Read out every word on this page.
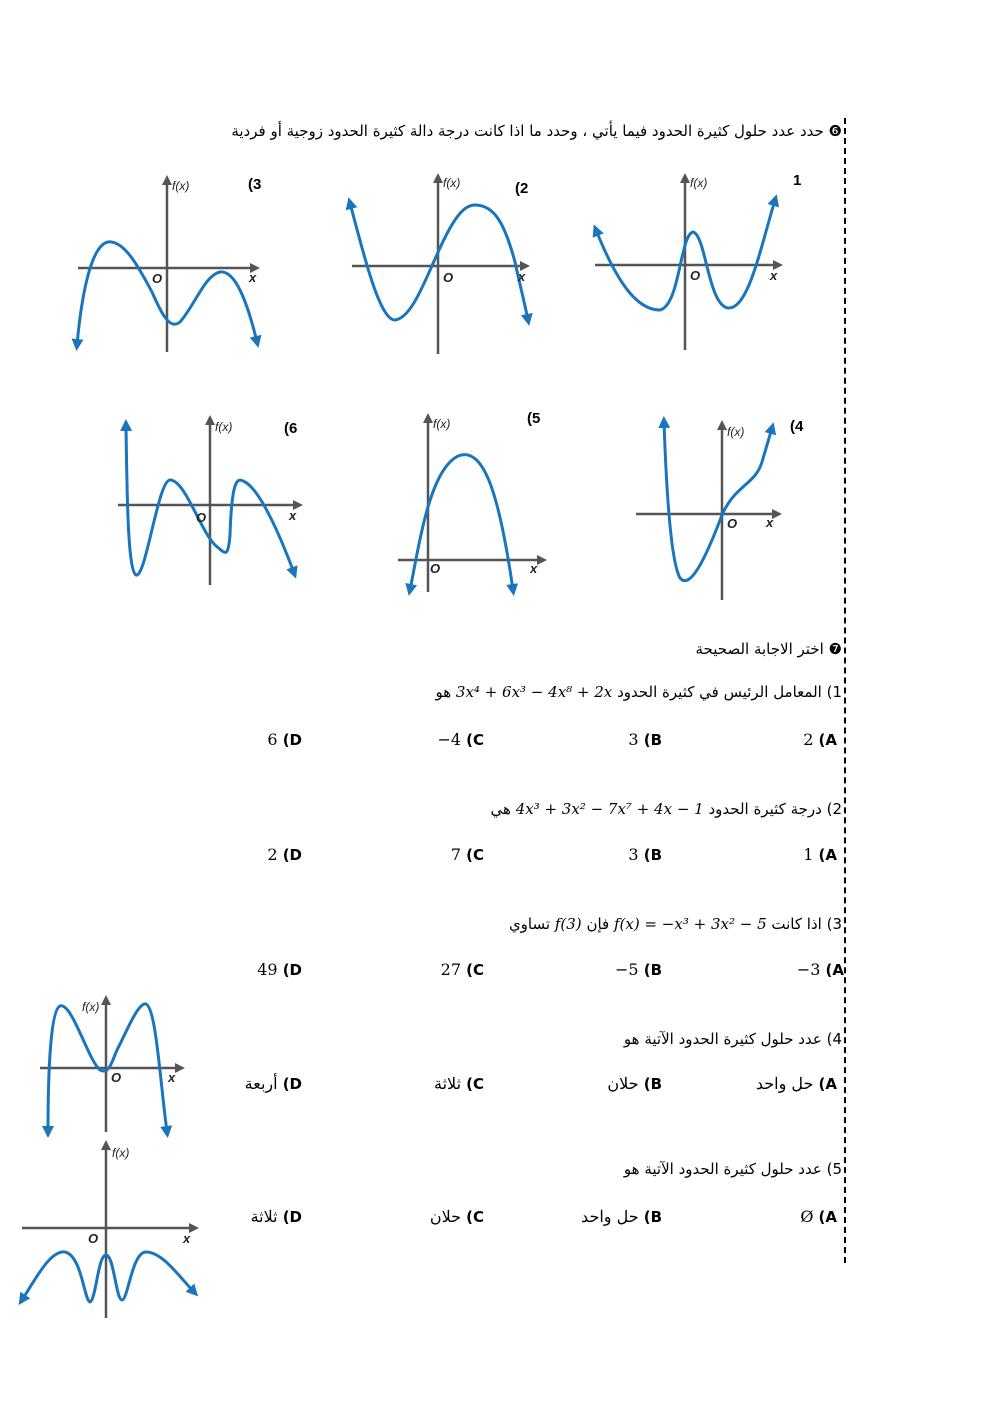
❻ حدد عدد حلول كثيرة الحدود فيما يأتي ، وحدد ما اذا كانت درجة دالة كثيرة الحدود زوجية أو فردية
1
(2
(3
(4
(5
(6
f(x)
O	x
f(x)
O	x
f(x)
O	x
f(x)
O x
f(x)
O	x
f(x)
O	x
f(x)
O	x
f(x)
O	x
❼ اختر الاجابة الصحيحة
1) المعامل الرئيس في كثيرة الحدود 3x⁴ + 6x³ − 4x⁸ + 2x هو
A) 2
B) 3
C) −4
D) 6
2) درجة كثيرة الحدود 4x³ + 3x² − 7x⁷ + 4x − 1 هي
A) 1
B) 3
C) 7
D) 2
3) اذا كانت f(x) = −x³ + 3x² − 5 فإن f(3) تساوي
A) −3
B) −5
C) 27
D) 49
4) عدد حلول كثيرة الحدود الآتية هو
A) حل واحد
B) حلان
C) ثلاثة
D) أربعة
5) عدد حلول كثيرة الحدود الآتية هو
A) Ø
B) حل واحد
C) حلان
D) ثلاثة
